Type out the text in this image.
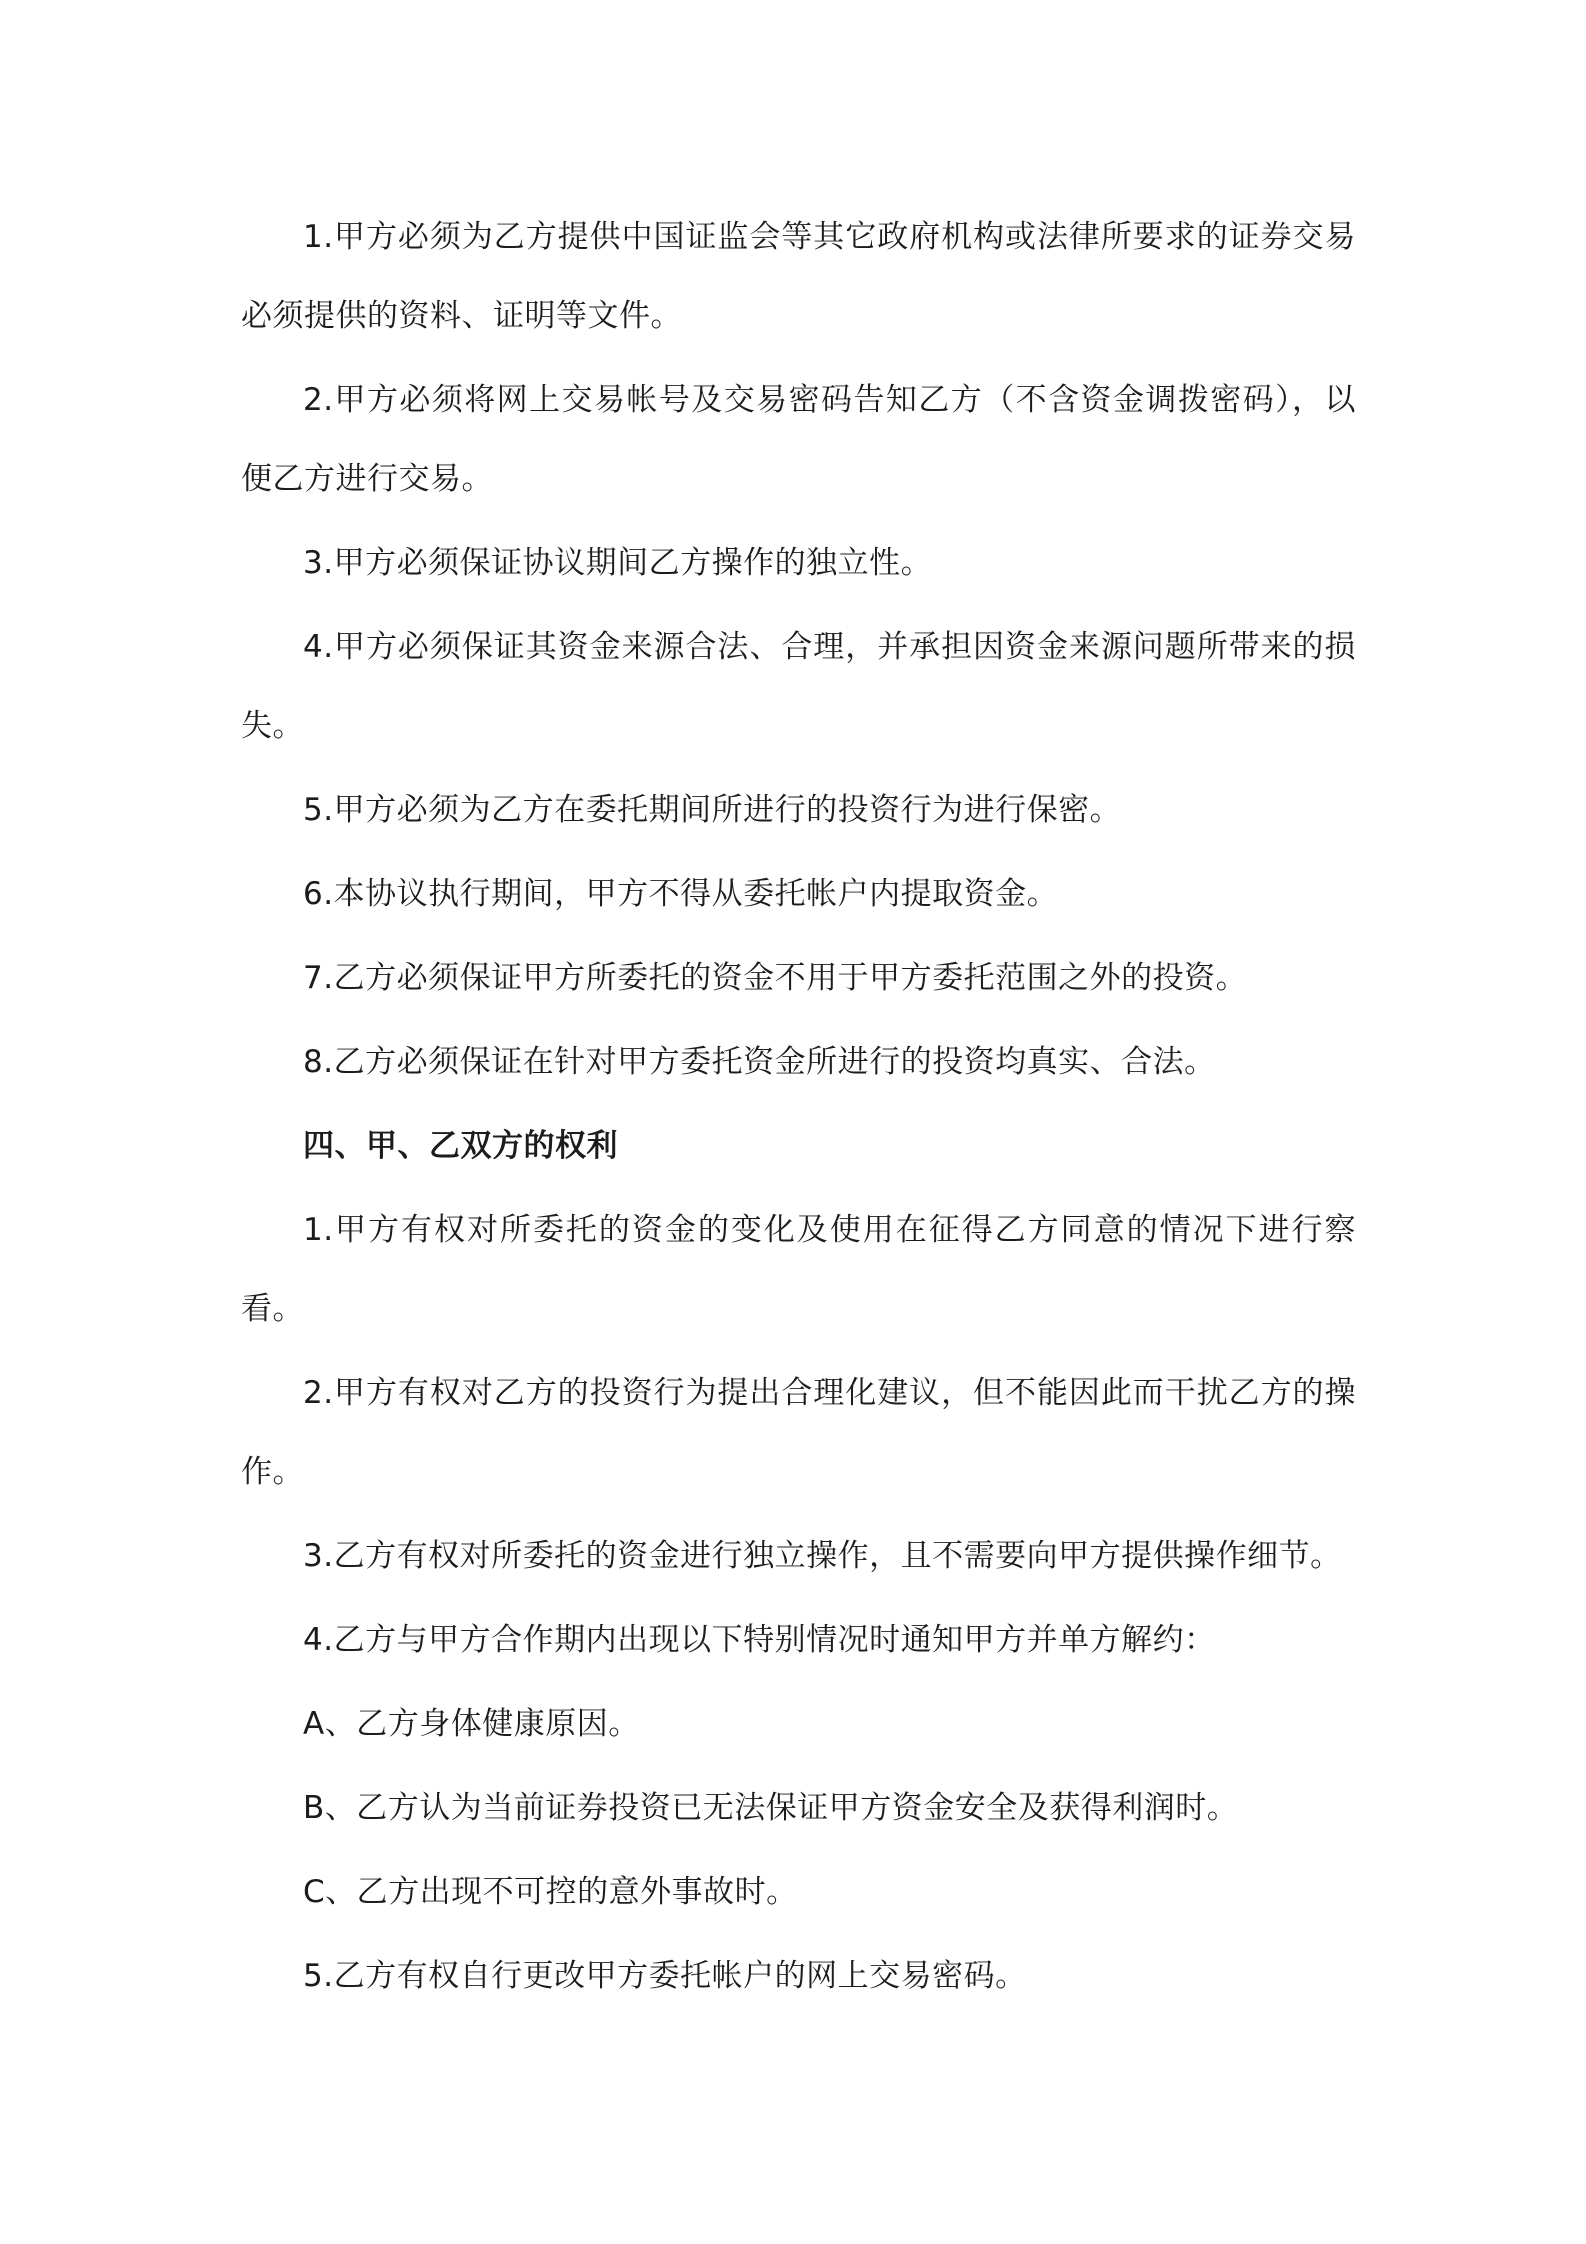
1.甲方必须为乙方提供中国证监会等其它政府机构或法律所要求的证券交易必须提供的资料、证明等文件。

2.甲方必须将网上交易帐号及交易密码告知乙方（不含资金调拨密码），以便乙方进行交易。

3.甲方必须保证协议期间乙方操作的独立性。

4.甲方必须保证其资金来源合法、合理，并承担因资金来源问题所带来的损失。

5.甲方必须为乙方在委托期间所进行的投资行为进行保密。

6.本协议执行期间，甲方不得从委托帐户内提取资金。

7.乙方必须保证甲方所委托的资金不用于甲方委托范围之外的投资。

8.乙方必须保证在针对甲方委托资金所进行的投资均真实、合法。

四、甲、乙双方的权利

1.甲方有权对所委托的资金的变化及使用在征得乙方同意的情况下进行察看。

2.甲方有权对乙方的投资行为提出合理化建议，但不能因此而干扰乙方的操作。

3.乙方有权对所委托的资金进行独立操作，且不需要向甲方提供操作细节。

4.乙方与甲方合作期内出现以下特别情况时通知甲方并单方解约：

A、乙方身体健康原因。

B、乙方认为当前证券投资已无法保证甲方资金安全及获得利润时。

C、乙方出现不可控的意外事故时。

5.乙方有权自行更改甲方委托帐户的网上交易密码。
